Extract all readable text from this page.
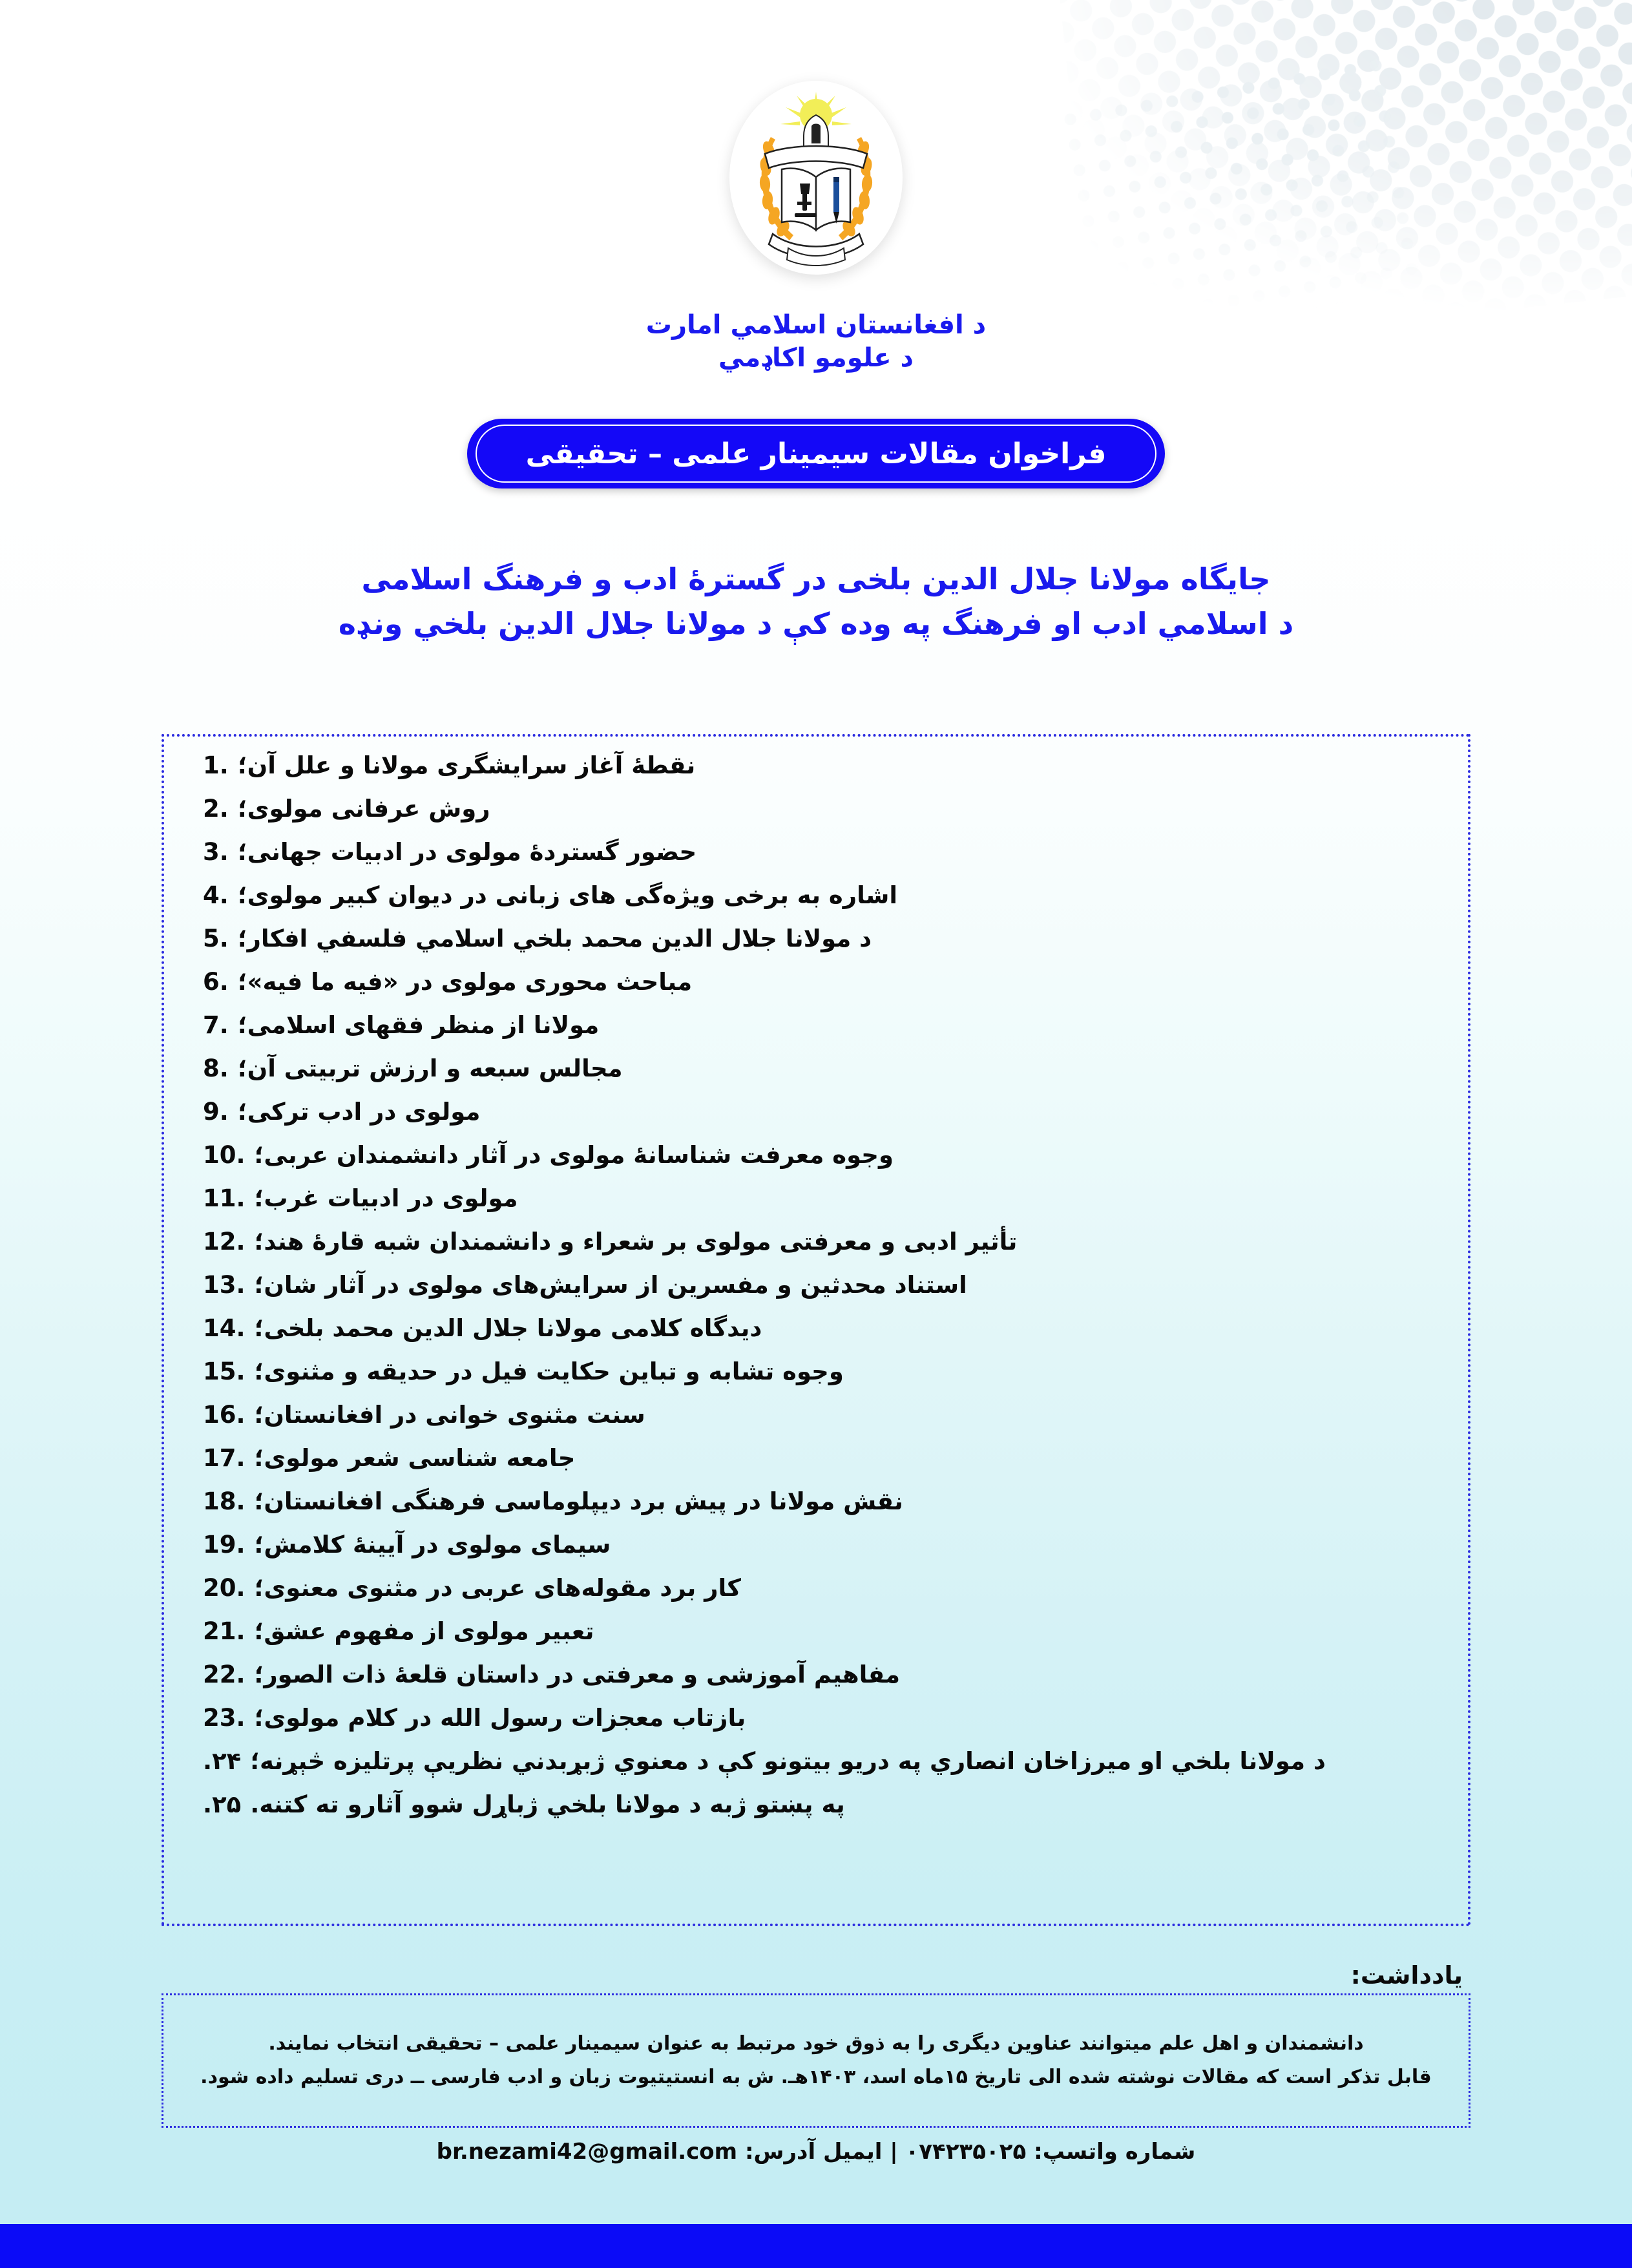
د افغانستان اسلامي امارت
د علومو اکاډمي
فراخوان مقالات سیمینار علمی – تحقیقی
جایگاه مولانا جلال الدین بلخی در گسترۀ ادب و فرهنگ اسلامی
د اسلامي ادب او فرهنگ په وده کې د مولانا جلال الدین بلخي ونډه
نقطۀ آغاز سرایشگری مولانا و علل آن؛
1.
روش عرفانی مولوی؛
2.
حضور گستردۀ مولوی در ادبیات جهانی؛
3.
اشاره به برخی ویژه‌گی های زبانی در دیوان کبیر مولوی؛
4.
د مولانا جلال الدین محمد بلخي اسلامي فلسفي افکار؛
5.
مباحث محوری مولوی در «فیه ما فیه»؛
6.
مولانا از منظر فقهای اسلامی؛
7.
مجالس سبعه و ارزش تربیتی آن؛
8.
مولوی در ادب ترکی؛
9.
وجوه معرفت شناسانۀ مولوی در آثار دانشمندان عربی؛
10.
مولوی در ادبیات غرب؛
11.
تأثیر ادبی و معرفتی مولوی بر شعراء و دانشمندان شبه قارۀ هند؛
12.
استناد محدثین و مفسرین از سرایش‌های مولوی در آثار شان؛
13.
دیدگاه کلامی مولانا جلال الدین محمد بلخی؛
14.
وجوه تشابه و تباین حکایت فیل در حدیقه و مثنوی؛
15.
سنت مثنوی خوانی در افغانستان؛
16.
جامعه شناسی شعر مولوی؛
17.
نقش مولانا در پیش برد دیپلوماسی فرهنگی افغانستان؛
18.
سیمای مولوی در آیینۀ کلامش؛
19.
کار برد مقوله‌های عربی در مثنوی معنوی؛
20.
تعبیر مولوی از مفهوم عشق؛
21.
مفاهیم آموزشی و معرفتی در داستان قلعۀ ذات الصور؛
22.
بازتاب معجزات رسول الله در کلام مولوی؛
23.
د مولانا بلخي او میرزاخان انصاري په دریو بیتونو کې د معنوي ژبړبدني نظریې پرتلیزه څېړنه؛
۲۴.
په پښتو ژبه د مولانا بلخي ژباړل شوو آثارو ته کتنه.
۲۵.
یادداشت:
دانشمندان و اهل علم میتوانند عناوین دیگری را به ذوق خود مرتبط به عنوان سیمینار علمی – تحقیقی انتخاب نمایند.
قابل تذکر است که مقالات نوشته شده الی تاریخ ۱۵ماه اسد، ۱۴۰۳هـ. ش به انستیتیوت زبان و ادب فارسی ــ دری تسلیم داده شود.
شماره واتسپ: ۰۷۴۲۳۵۰۲۵ | ایمیل آدرس: br.nezami42@gmail.com
